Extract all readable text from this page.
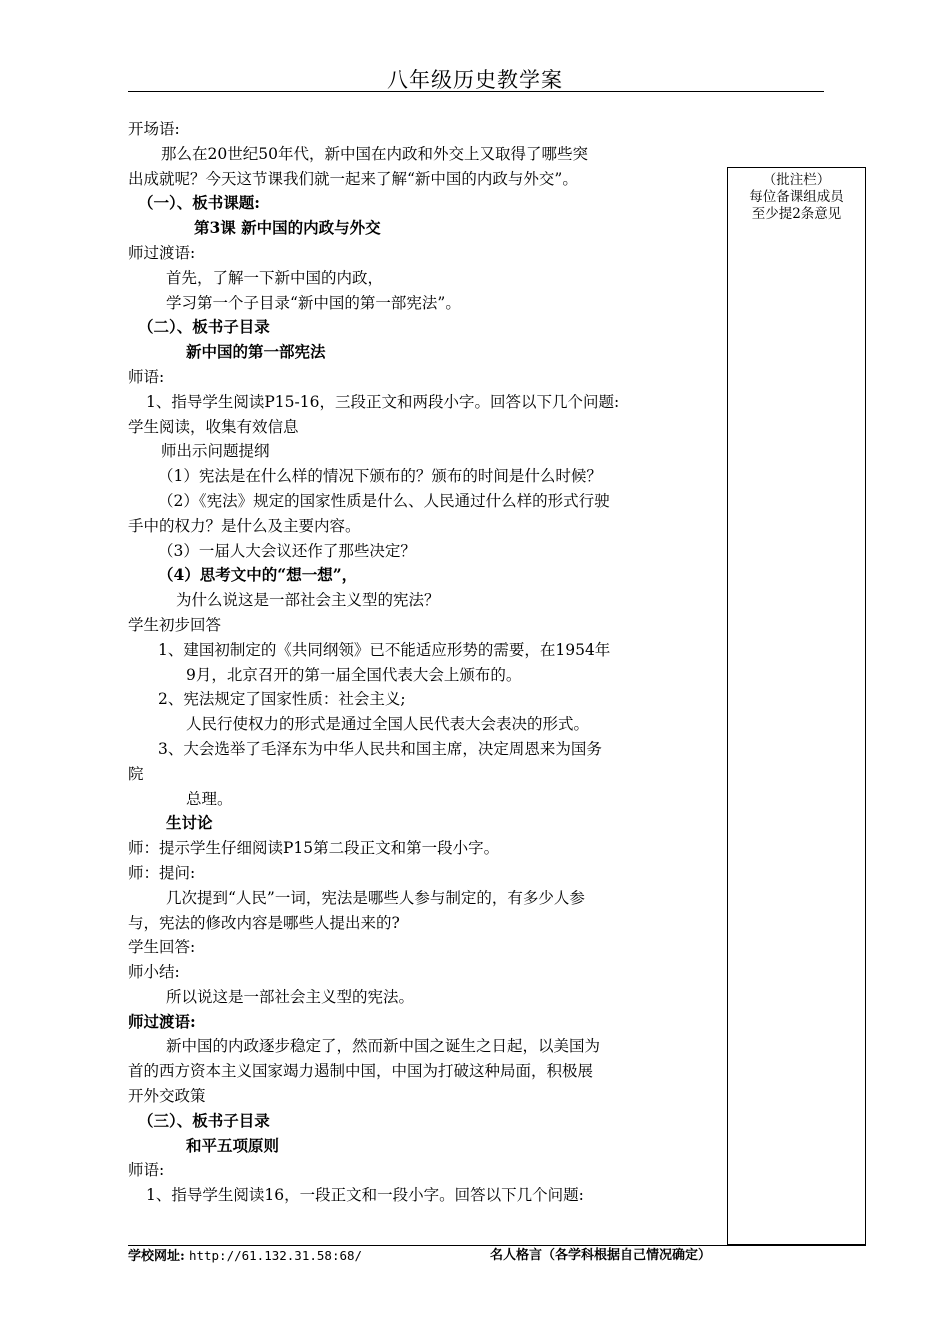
八年级历史教学案
开场语:
那么在20世纪50年代，新中国在内政和外交上又取得了哪些突
出成就呢？今天这节课我们就一起来了解“新中国的内政与外交”。
（一）、板书课题:
第3课 新中国的内政与外交
师过渡语:
首先，了解一下新中国的内政，
学习第一个子目录“新中国的第一部宪法”。
（二）、板书子目录
新中国的第一部宪法
师语:
1、指导学生阅读P15-16，三段正文和两段小字。回答以下几个问题:
学生阅读，收集有效信息
师出示问题提纲
（1）宪法是在什么样的情况下颁布的？颁布的时间是什么时候？
（2）《宪法》规定的国家性质是什么、人民通过什么样的形式行驶
手中的权力？是什么及主要内容。
（3）一届人大会议还作了那些决定？
（4）思考文中的“想一想”，
为什么说这是一部社会主义型的宪法？
学生初步回答
1、建国初制定的《共同纲领》已不能适应形势的需要，在1954年
9月，北京召开的第一届全国代表大会上颁布的。
2、宪法规定了国家性质：社会主义;
人民行使权力的形式是通过全国人民代表大会表决的形式。
3、大会选举了毛泽东为中华人民共和国主席，决定周恩来为国务
院
总理。
生讨论
师：提示学生仔细阅读P15第二段正文和第一段小字。
师：提问:
几次提到“人民”一词，宪法是哪些人参与制定的，有多少人参
与，宪法的修改内容是哪些人提出来的?
学生回答:
师小结:
所以说这是一部社会主义型的宪法。
师过渡语:
新中国的内政逐步稳定了，然而新中国之诞生之日起，以美国为
首的西方资本主义国家竭力遏制中国，中国为打破这种局面，积极展
开外交政策
（三）、板书子目录
和平五项原则
师语:
1、指导学生阅读16，一段正文和一段小字。回答以下几个问题:
（批注栏）
每位备课组成员
至少提2条意见
学校网址: http://61.132.31.58:68/	名人格言（各学科根据自己情况确定）
